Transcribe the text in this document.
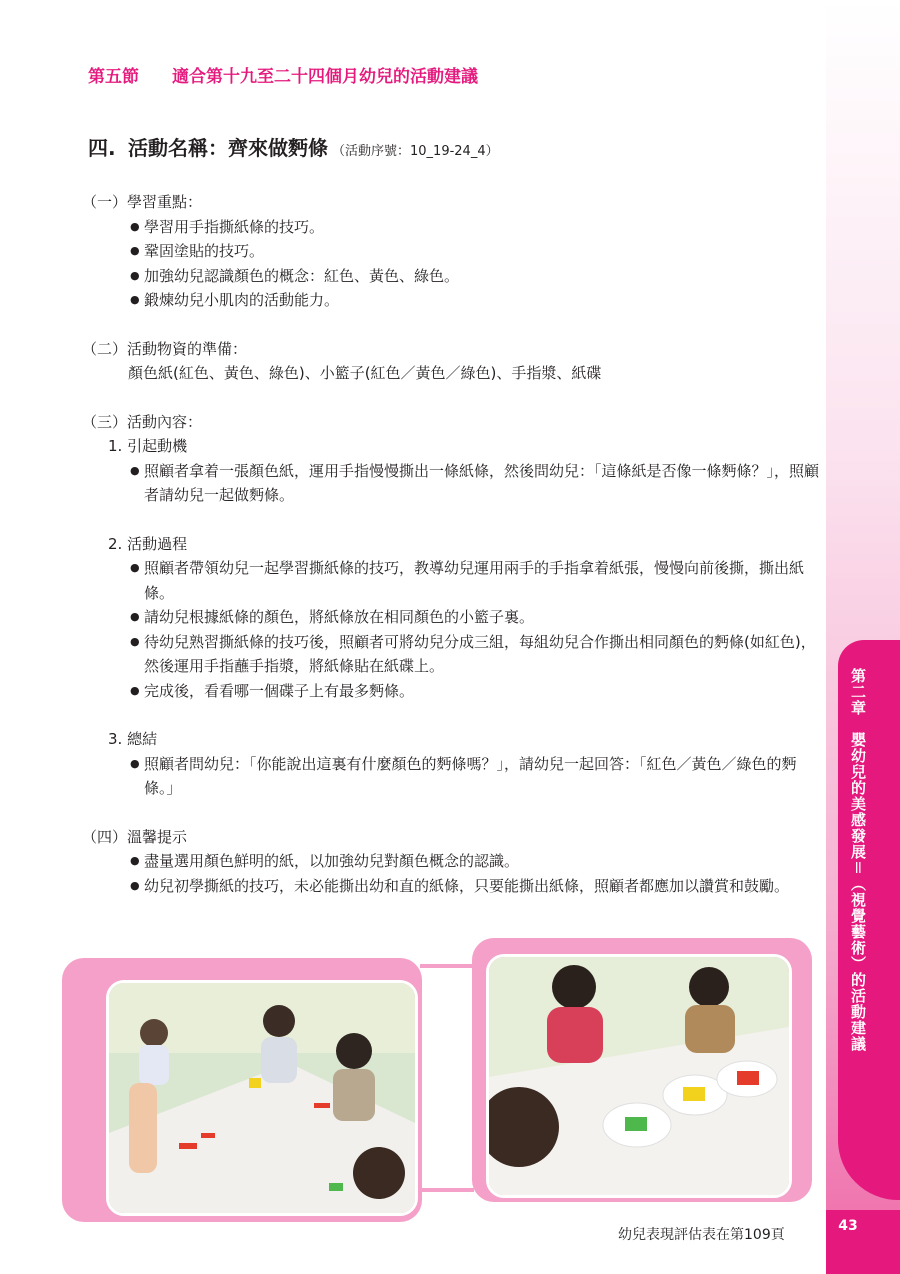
第五節 適合第十九至二十四個月幼兒的活動建議
四. 活動名稱：齊來做麪條 （活動序號：10_19-24_4）
（一）學習重點：
● 學習用手指撕紙條的技巧。
● 鞏固塗貼的技巧。
● 加強幼兒認識顏色的概念：紅色、黃色、綠色。
● 鍛煉幼兒小肌肉的活動能力。
（二）活動物資的準備：
顏色紙(紅色、黃色、綠色)、小籃子(紅色／黃色／綠色)、手指漿、紙碟
（三）活動內容：
1. 引起動機
● 照顧者拿着一張顏色紙，運用手指慢慢撕出一條紙條，然後問幼兒：「這條紙是否像一條麪條？」，照顧者請幼兒一起做麪條。
2. 活動過程
● 照顧者帶領幼兒一起學習撕紙條的技巧，教導幼兒運用兩手的手指拿着紙張，慢慢向前後撕，撕出紙條。
● 請幼兒根據紙條的顏色，將紙條放在相同顏色的小籃子裏。
● 待幼兒熟習撕紙條的技巧後，照顧者可將幼兒分成三組，每組幼兒合作撕出相同顏色的麪條(如紅色)，然後運用手指蘸手指漿，將紙條貼在紙碟上。
● 完成後，看看哪一個碟子上有最多麪條。
3. 總結
● 照顧者問幼兒：「你能說出這裏有什麼顏色的麪條嗎？」，請幼兒一起回答：「紅色／黃色／綠色的麪條。」
（四）溫馨提示
● 盡量選用顏色鮮明的紙，以加強幼兒對顏色概念的認識。
● 幼兒初學撕紙的技巧，未必能撕出幼和直的紙條，只要能撕出紙條，照顧者都應加以讚賞和鼓勵。	第二章　嬰幼兒的美感發展＝（視覺藝術）的活動建議
43
幼兒表現評估表在第109頁
